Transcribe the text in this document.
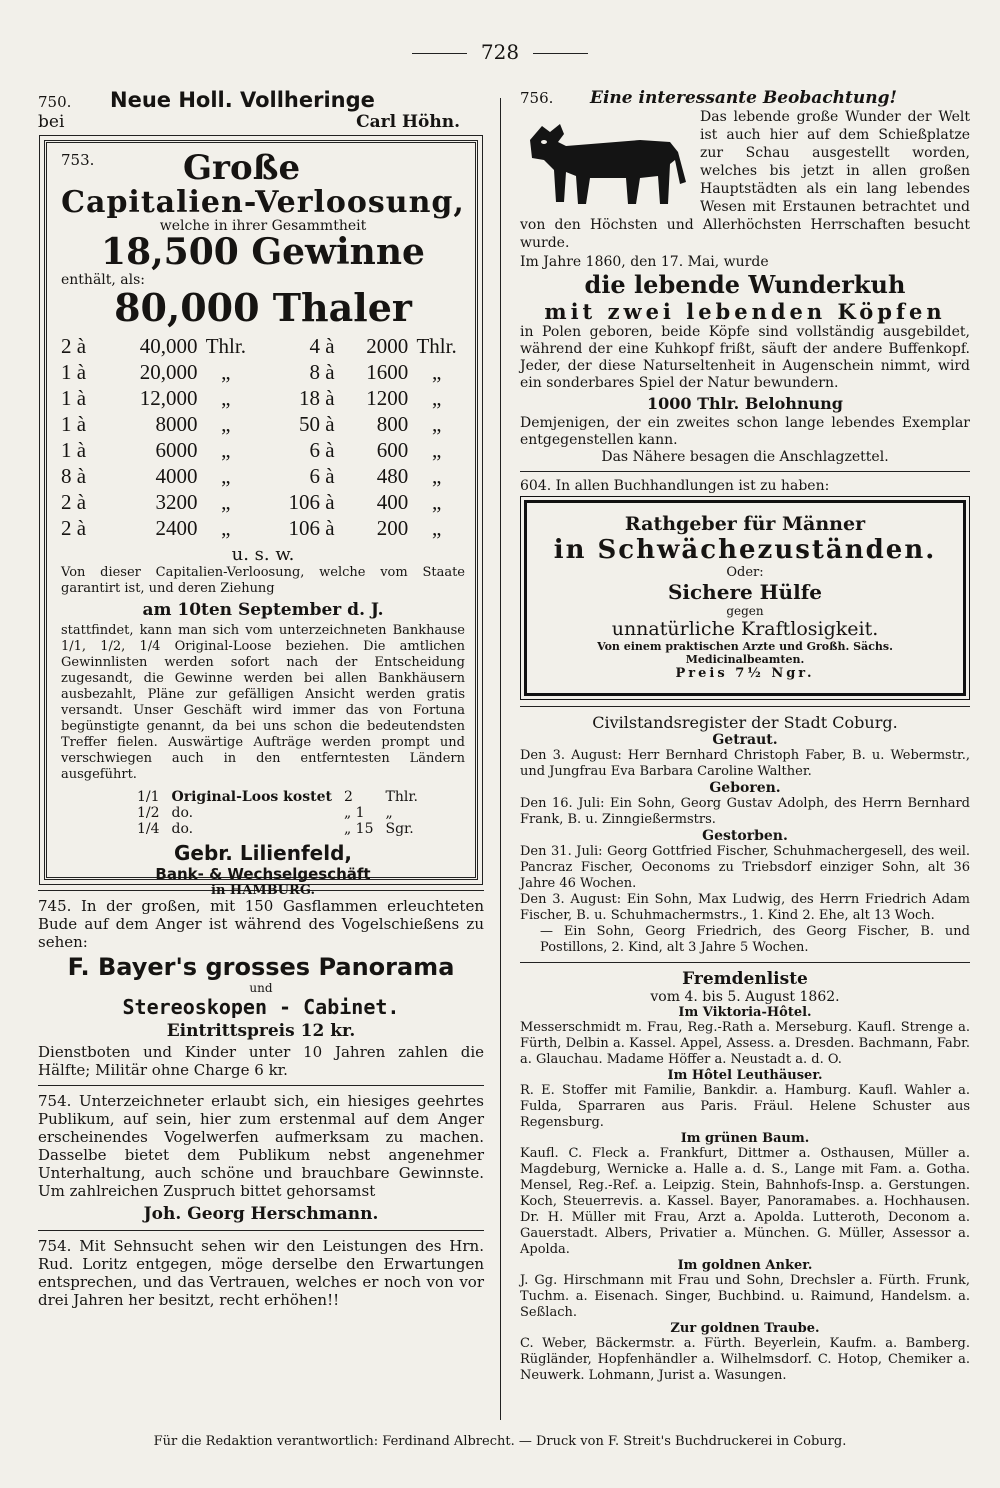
728
750.	Neue Holl. Vollheringe
bei	Carl Höhn.
753.	Große
Capitalien-Verloosung,
welche in ihrer Gesammtheit
18,500 Gewinne
enthält, als:
80,000 Thaler
2 à	40,000	Thlr.	4 à	2000	Thlr.
1 à	20,000	„	8 à	1600	„
1 à	12,000	„	18 à	1200	„
1 à	8000	„	50 à	800	„
1 à	6000	„	6 à	600	„
8 à	4000	„	6 à	480	„
2 à	3200	„	106 à	400	„
2 à	2400	„	106 à	200	„
u. s. w.
Von dieser Capitalien-Verloosung, welche vom Staate garantirt ist, und deren Ziehung
am 10ten September d. J.
stattfindet, kann man sich vom unterzeichneten Bankhause 1/1, 1/2, 1/4 Original-Loose beziehen. Die amtlichen Gewinnlisten werden sofort nach der Entscheidung zugesandt, die Gewinne werden bei allen Bankhäusern ausbezahlt, Pläne zur gefälligen Ansicht werden gratis versandt. Unser Geschäft wird immer das von Fortuna begünstigte genannt, da bei uns schon die bedeutendsten Treffer fielen. Auswärtige Aufträge werden prompt und verschwiegen auch in den entferntesten Ländern ausgeführt.
1/1	Original-Loos kostet	2	Thlr.
1/2	do.	„ 1	„
1/4	do.	„ 15	Sgr.
Gebr. Lilienfeld,
Bank- & Wechselgeschäft
in HAMBURG.
745. In der großen, mit 150 Gasflammen erleuchteten Bude auf dem Anger ist während des Vogelschießens zu sehen:
F. Bayer's grosses Panorama
und
Stereoskopen - Cabinet.
Eintrittspreis 12 kr.
Dienstboten und Kinder unter 10 Jahren zahlen die Hälfte; Militär ohne Charge 6 kr.
754. Unterzeichneter erlaubt sich, ein hiesiges geehrtes Publikum, auf sein, hier zum erstenmal auf dem Anger erscheinendes Vogelwerfen aufmerksam zu machen. Dasselbe bietet dem Publikum nebst angenehmer Unterhaltung, auch schöne und brauchbare Gewinnste. Um zahlreichen Zuspruch bittet gehorsamst
Joh. Georg Herschmann.
754. Mit Sehnsucht sehen wir den Leistungen des Hrn. Rud. Loritz entgegen, möge derselbe den Erwartungen entsprechen, und das Vertrauen, welches er noch von vor drei Jahren her besitzt, recht erhöhen!!
756.	Eine interessante Beobachtung!
Das lebende große Wunder der Welt ist auch hier auf dem Schießplatze zur Schau ausgestellt worden, welches bis jetzt in allen großen Hauptstädten als ein lang lebendes Wesen mit Erstaunen betrachtet und von den Höchsten und Allerhöchsten Herrschaften besucht wurde.
Im Jahre 1860, den 17. Mai, wurde
die lebende Wunderkuh
mit zwei lebenden Köpfen
in Polen geboren, beide Köpfe sind vollständig ausgebildet, während der eine Kuhkopf frißt, säuft der andere Buffenkopf. Jeder, der diese Naturseltenheit in Augenschein nimmt, wird ein sonderbares Spiel der Natur bewundern.
1000 Thlr. Belohnung
Demjenigen, der ein zweites schon lange lebendes Exemplar entgegenstellen kann.
Das Nähere besagen die Anschlagzettel.
604. In allen Buchhandlungen ist zu haben:
Rathgeber für Männer
in Schwächezuständen.
Oder:
Sichere Hülfe
gegen
unnatürliche Kraftlosigkeit.
Von einem praktischen Arzte und Großh. Sächs. Medicinalbeamten.
Preis 7½ Ngr.
Civilstandsregister der Stadt Coburg.
Getraut.
Den 3. August: Herr Bernhard Christoph Faber, B. u. Webermstr., und Jungfrau Eva Barbara Caroline Walther.
Geboren.
Den 16. Juli: Ein Sohn, Georg Gustav Adolph, des Herrn Bernhard Frank, B. u. Zinngießermstrs.
Gestorben.
Den 31. Juli: Georg Gottfried Fischer, Schuhmachergesell, des weil. Pancraz Fischer, Oeconoms zu Triebsdorf einziger Sohn, alt 36 Jahre 46 Wochen.
Den 3. August: Ein Sohn, Max Ludwig, des Herrn Friedrich Adam Fischer, B. u. Schuhmachermstrs., 1. Kind 2. Ehe, alt 13 Woch.
— Ein Sohn, Georg Friedrich, des Georg Fischer, B. und Postillons, 2. Kind, alt 3 Jahre 5 Wochen.
Fremdenliste
vom 4. bis 5. August 1862.
Im Viktoria-Hôtel.
Messerschmidt m. Frau, Reg.-Rath a. Merseburg. Kaufl. Strenge a. Fürth, Delbin a. Kassel. Appel, Assess. a. Dresden. Bachmann, Fabr. a. Glauchau. Madame Höffer a. Neustadt a. d. O.
Im Hôtel Leuthäuser.
R. E. Stoffer mit Familie, Bankdir. a. Hamburg. Kaufl. Wahler a. Fulda, Sparraren aus Paris. Fräul. Helene Schuster aus Regensburg.
Im grünen Baum.
Kaufl. C. Fleck a. Frankfurt, Dittmer a. Osthausen, Müller a. Magdeburg, Wernicke a. Halle a. d. S., Lange mit Fam. a. Gotha. Mensel, Reg.-Ref. a. Leipzig. Stein, Bahnhofs-Insp. a. Gerstungen. Koch, Steuerrevis. a. Kassel. Bayer, Panoramabes. a. Hochhausen. Dr. H. Müller mit Frau, Arzt a. Apolda. Lutteroth, Deconom a. Gauerstadt. Albers, Privatier a. München. G. Müller, Assessor a. Apolda.
Im goldnen Anker.
J. Gg. Hirschmann mit Frau und Sohn, Drechsler a. Fürth. Frunk, Tuchm. a. Eisenach. Singer, Buchbind. u. Raimund, Handelsm. a. Seßlach.
Zur goldnen Traube.
C. Weber, Bäckermstr. a. Fürth. Beyerlein, Kaufm. a. Bamberg. Rügländer, Hopfenhändler a. Wilhelmsdorf. C. Hotop, Chemiker a. Neuwerk. Lohmann, Jurist a. Wasungen.
Für die Redaktion verantwortlich: Ferdinand Albrecht. — Druck von F. Streit's Buchdruckerei in Coburg.
